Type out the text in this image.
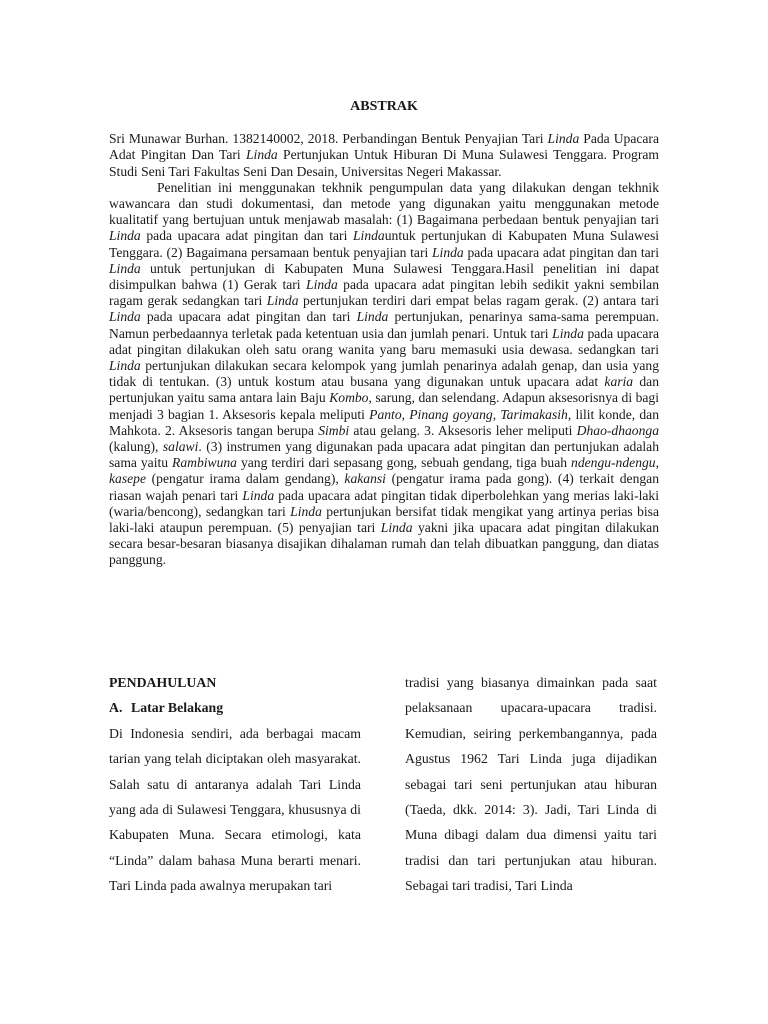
ABSTRAK

Sri Munawar Burhan. 1382140002, 2018. Perbandingan Bentuk Penyajian Tari Linda Pada Upacara Adat Pingitan Dan Tari Linda Pertunjukan Untuk Hiburan Di Muna Sulawesi Tenggara. Program Studi Seni Tari Fakultas Seni Dan Desain, Universitas Negeri Makassar.

Penelitian ini menggunakan tekhnik pengumpulan data yang dilakukan dengan tekhnik wawancara dan studi dokumentasi, dan metode yang digunakan yaitu menggunakan metode kualitatif yang bertujuan untuk menjawab masalah: (1) Bagaimana perbedaan bentuk penyajian tari Linda pada upacara adat pingitan dan tari Lindauntuk pertunjukan di Kabupaten Muna Sulawesi Tenggara. (2) Bagaimana persamaan bentuk penyajian tari Linda pada upacara adat pingitan dan tari Linda untuk pertunjukan di Kabupaten Muna Sulawesi Tenggara.Hasil penelitian ini dapat disimpulkan bahwa (1) Gerak tari Linda pada upacara adat pingitan lebih sedikit yakni sembilan ragam gerak sedangkan tari Linda pertunjukan terdiri dari empat belas ragam gerak. (2) antara tari Linda pada upacara adat pingitan dan tari Linda pertunjukan, penarinya sama-sama perempuan. Namun perbedaannya terletak pada ketentuan usia dan jumlah penari. Untuk tari Linda pada upacara adat pingitan dilakukan oleh satu orang wanita yang baru memasuki usia dewasa. sedangkan tari Linda pertunjukan dilakukan secara kelompok yang jumlah penarinya adalah genap, dan usia yang tidak di tentukan. (3) untuk kostum atau busana yang digunakan untuk upacara adat karia dan pertunjukan yaitu sama antara lain Baju Kombo, sarung, dan selendang. Adapun aksesorisnya di bagi menjadi 3 bagian 1. Aksesoris kepala meliputi Panto, Pinang goyang, Tarimakasih, lilit konde, dan Mahkota. 2. Aksesoris tangan berupa Simbi atau gelang. 3. Aksesoris leher meliputi Dhao-dhaonga (kalung), salawi. (3) instrumen yang digunakan pada upacara adat pingitan dan pertunjukan adalah sama yaitu Rambiwuna yang terdiri dari sepasang gong, sebuah gendang, tiga buah ndengu-ndengu, kasepe (pengatur irama dalam gendang), kakansi (pengatur irama pada gong). (4) terkait dengan riasan wajah penari tari Linda pada upacara adat pingitan tidak diperbolehkan yang merias laki-laki (waria/bencong), sedangkan tari Linda pertunjukan bersifat tidak mengikat yang artinya perias bisa laki-laki ataupun perempuan. (5) penyajian tari Linda yakni jika upacara adat pingitan dilakukan secara besar-besaran biasanya disajikan dihalaman rumah dan telah dibuatkan panggung, dan diatas panggung.

PENDAHULUAN

A. Latar Belakang

Di Indonesia sendiri, ada berbagai macam tarian yang telah diciptakan oleh masyarakat. Salah satu di antaranya adalah Tari Linda yang ada di Sulawesi Tenggara, khususnya di Kabupaten Muna. Secara etimologi, kata “Linda” dalam bahasa Muna berarti menari. Tari Linda pada awalnya merupakan tari

tradisi yang biasanya dimainkan pada saat pelaksanaan upacara-upacara tradisi. Kemudian, seiring perkembangannya, pada Agustus 1962 Tari Linda juga dijadikan sebagai tari seni pertunjukan atau hiburan (Taeda, dkk. 2014: 3). Jadi, Tari Linda di Muna dibagi dalam dua dimensi yaitu tari tradisi dan tari pertunjukan atau hiburan. Sebagai tari tradisi, Tari Linda
